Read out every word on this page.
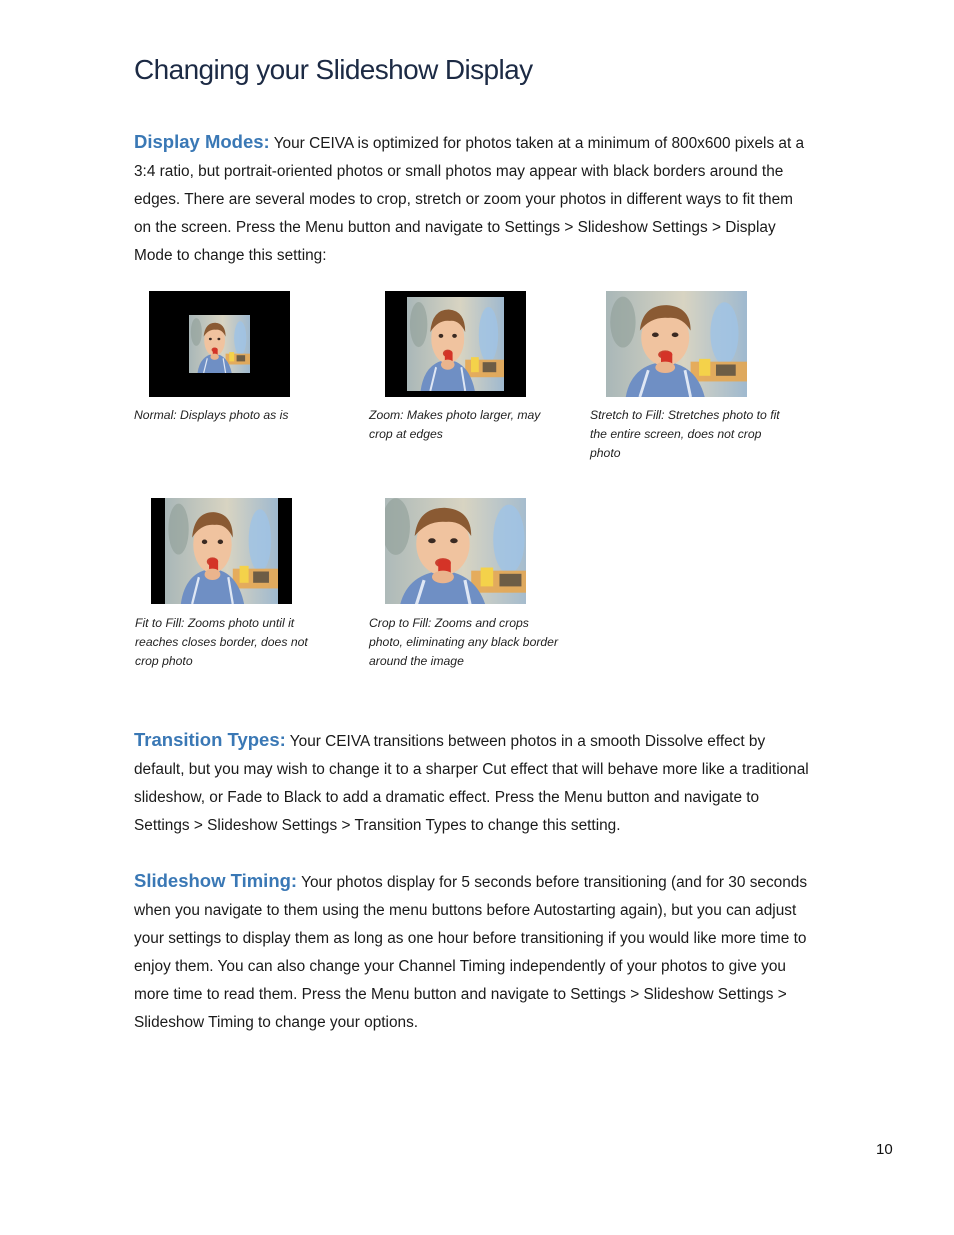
Changing your Slideshow Display

Display Modes: Your CEIVA is optimized for photos taken at a minimum of 800x600 pixels at a 3:4 ratio, but portrait-oriented photos or small photos may appear with black borders around the edges. There are several modes to crop, stretch or zoom your photos in different ways to fit them on the screen. Press the Menu button and navigate to Settings > Slideshow Settings > Display Mode to change this setting:

Normal: Displays photo as is	Zoom: Makes photo larger, may crop at edges

Stretch to Fill: Stretches photo to fit the entire screen, does not crop photo

Fit to Fill: Zooms photo until it reaches closes border, does not crop photo

Crop to Fill: Zooms and crops photo, eliminating any black border around the image

Transition Types: Your CEIVA transitions between photos in a smooth Dissolve effect by default, but you may wish to change it to a sharper Cut effect that will behave more like a traditional slideshow, or Fade to Black to add a dramatic effect. Press the Menu button and navigate to Settings > Slideshow Settings > Transition Types to change this setting.

Slideshow Timing: Your photos display for 5 seconds before transitioning (and for 30 seconds when you navigate to them using the menu buttons before Autostarting again), but you can adjust your settings to display them as long as one hour before transitioning if you would like more time to enjoy them. You can also change your Channel Timing independently of your photos to give you more time to read them. Press the Menu button and navigate to Settings > Slideshow Settings > Slideshow Timing to change your options.

10
